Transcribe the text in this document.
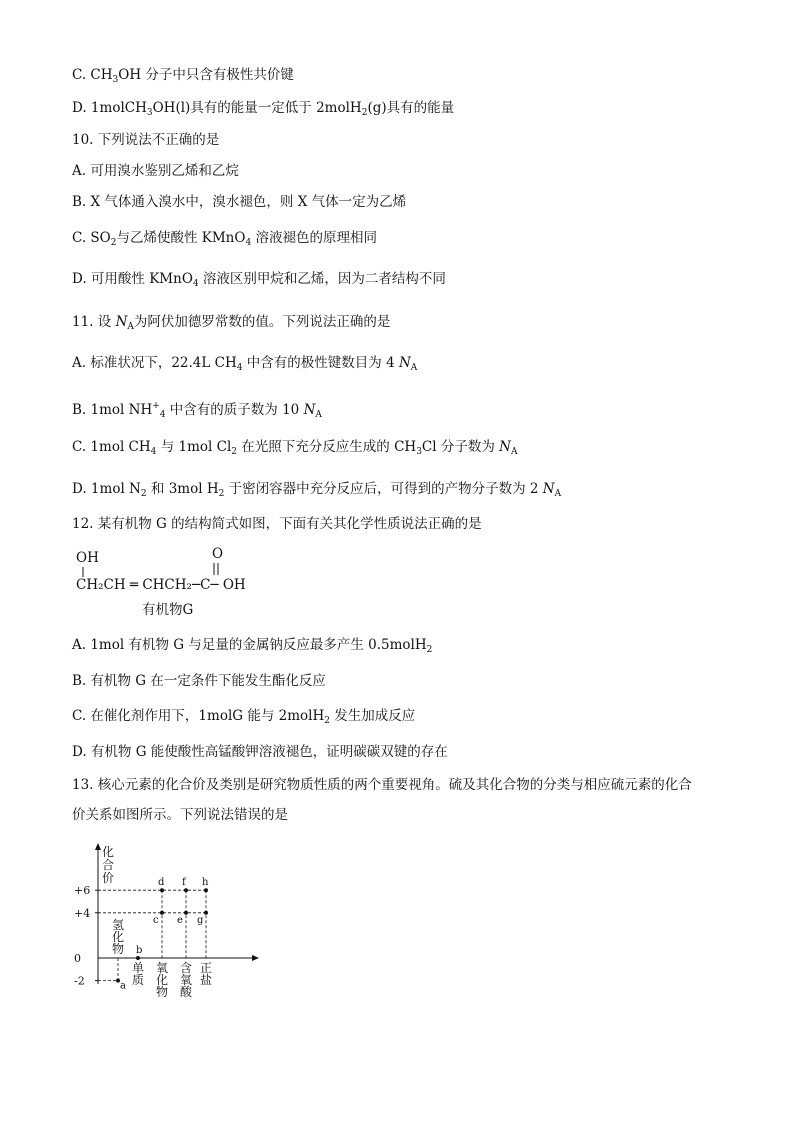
C. $CH_3OH$ 分子中只含有极性共价键
D. 1molCH$_3$OH(l)具有的能量一定低于 2molH$_2$(g)具有的能量
10. 下列说法不正确的是
A. 可用溴水鉴别乙烯和乙烷
B. X 气体通入溴水中，溴水褪色，则 X 气体一定为乙烯
C. $SO_2$与乙烯使酸性 KMnO$_4$ 溶液褪色的原理相同
D. 可用酸性 KMnO$_4$ 溶液区别甲烷和乙烯，因为二者结构不同
11. 设 $N_A$为阿伏加德罗常数的值。下列说法正确的是
A. 标准状况下，22.4L $CH_4$ 中含有的极性键数目为 4 $N_A$
B. 1mol $NH^+_4$ 中含有的质子数为 10 $N_A$
C. 1mol $CH_4$ 与 1mol $Cl_2$ 在光照下充分反应生成的 $CH_3Cl$ 分子数为 $N_A$
D. 1mol $N_2$ 和 3mol $H_2$ 于密闭容器中充分反应后，可得到的产物分子数为 2 $N_A$
12. 某有机物 G 的结构简式如图，下面有关其化学性质说法正确的是
A. 1mol 有机物 G 与足量的金属钠反应最多产生 0.5molH$_2$
B. 有机物 G 在一定条件下能发生酯化反应
C. 在催化剂作用下，1molG 能与 2molH$_2$ 发生加成反应
D. 有机物 G 能使酸性高锰酸钾溶液褪色，证明碳碳双键的存在
13. 核心元素的化合价及类别是研究物质性质的两个重要视角。硫及其化合物的分类与相应硫元素的化合
价关系如图所示。下列说法错误的是
OH	O
CH₂CH ═ CHCH₂─C─ OH
有机物G
化
合
价
+6
+4
0
-2
氢
化
物
单
质
氧
化
物
含
氧
酸
正
盐
a
b
c
d
e
f
g
h
